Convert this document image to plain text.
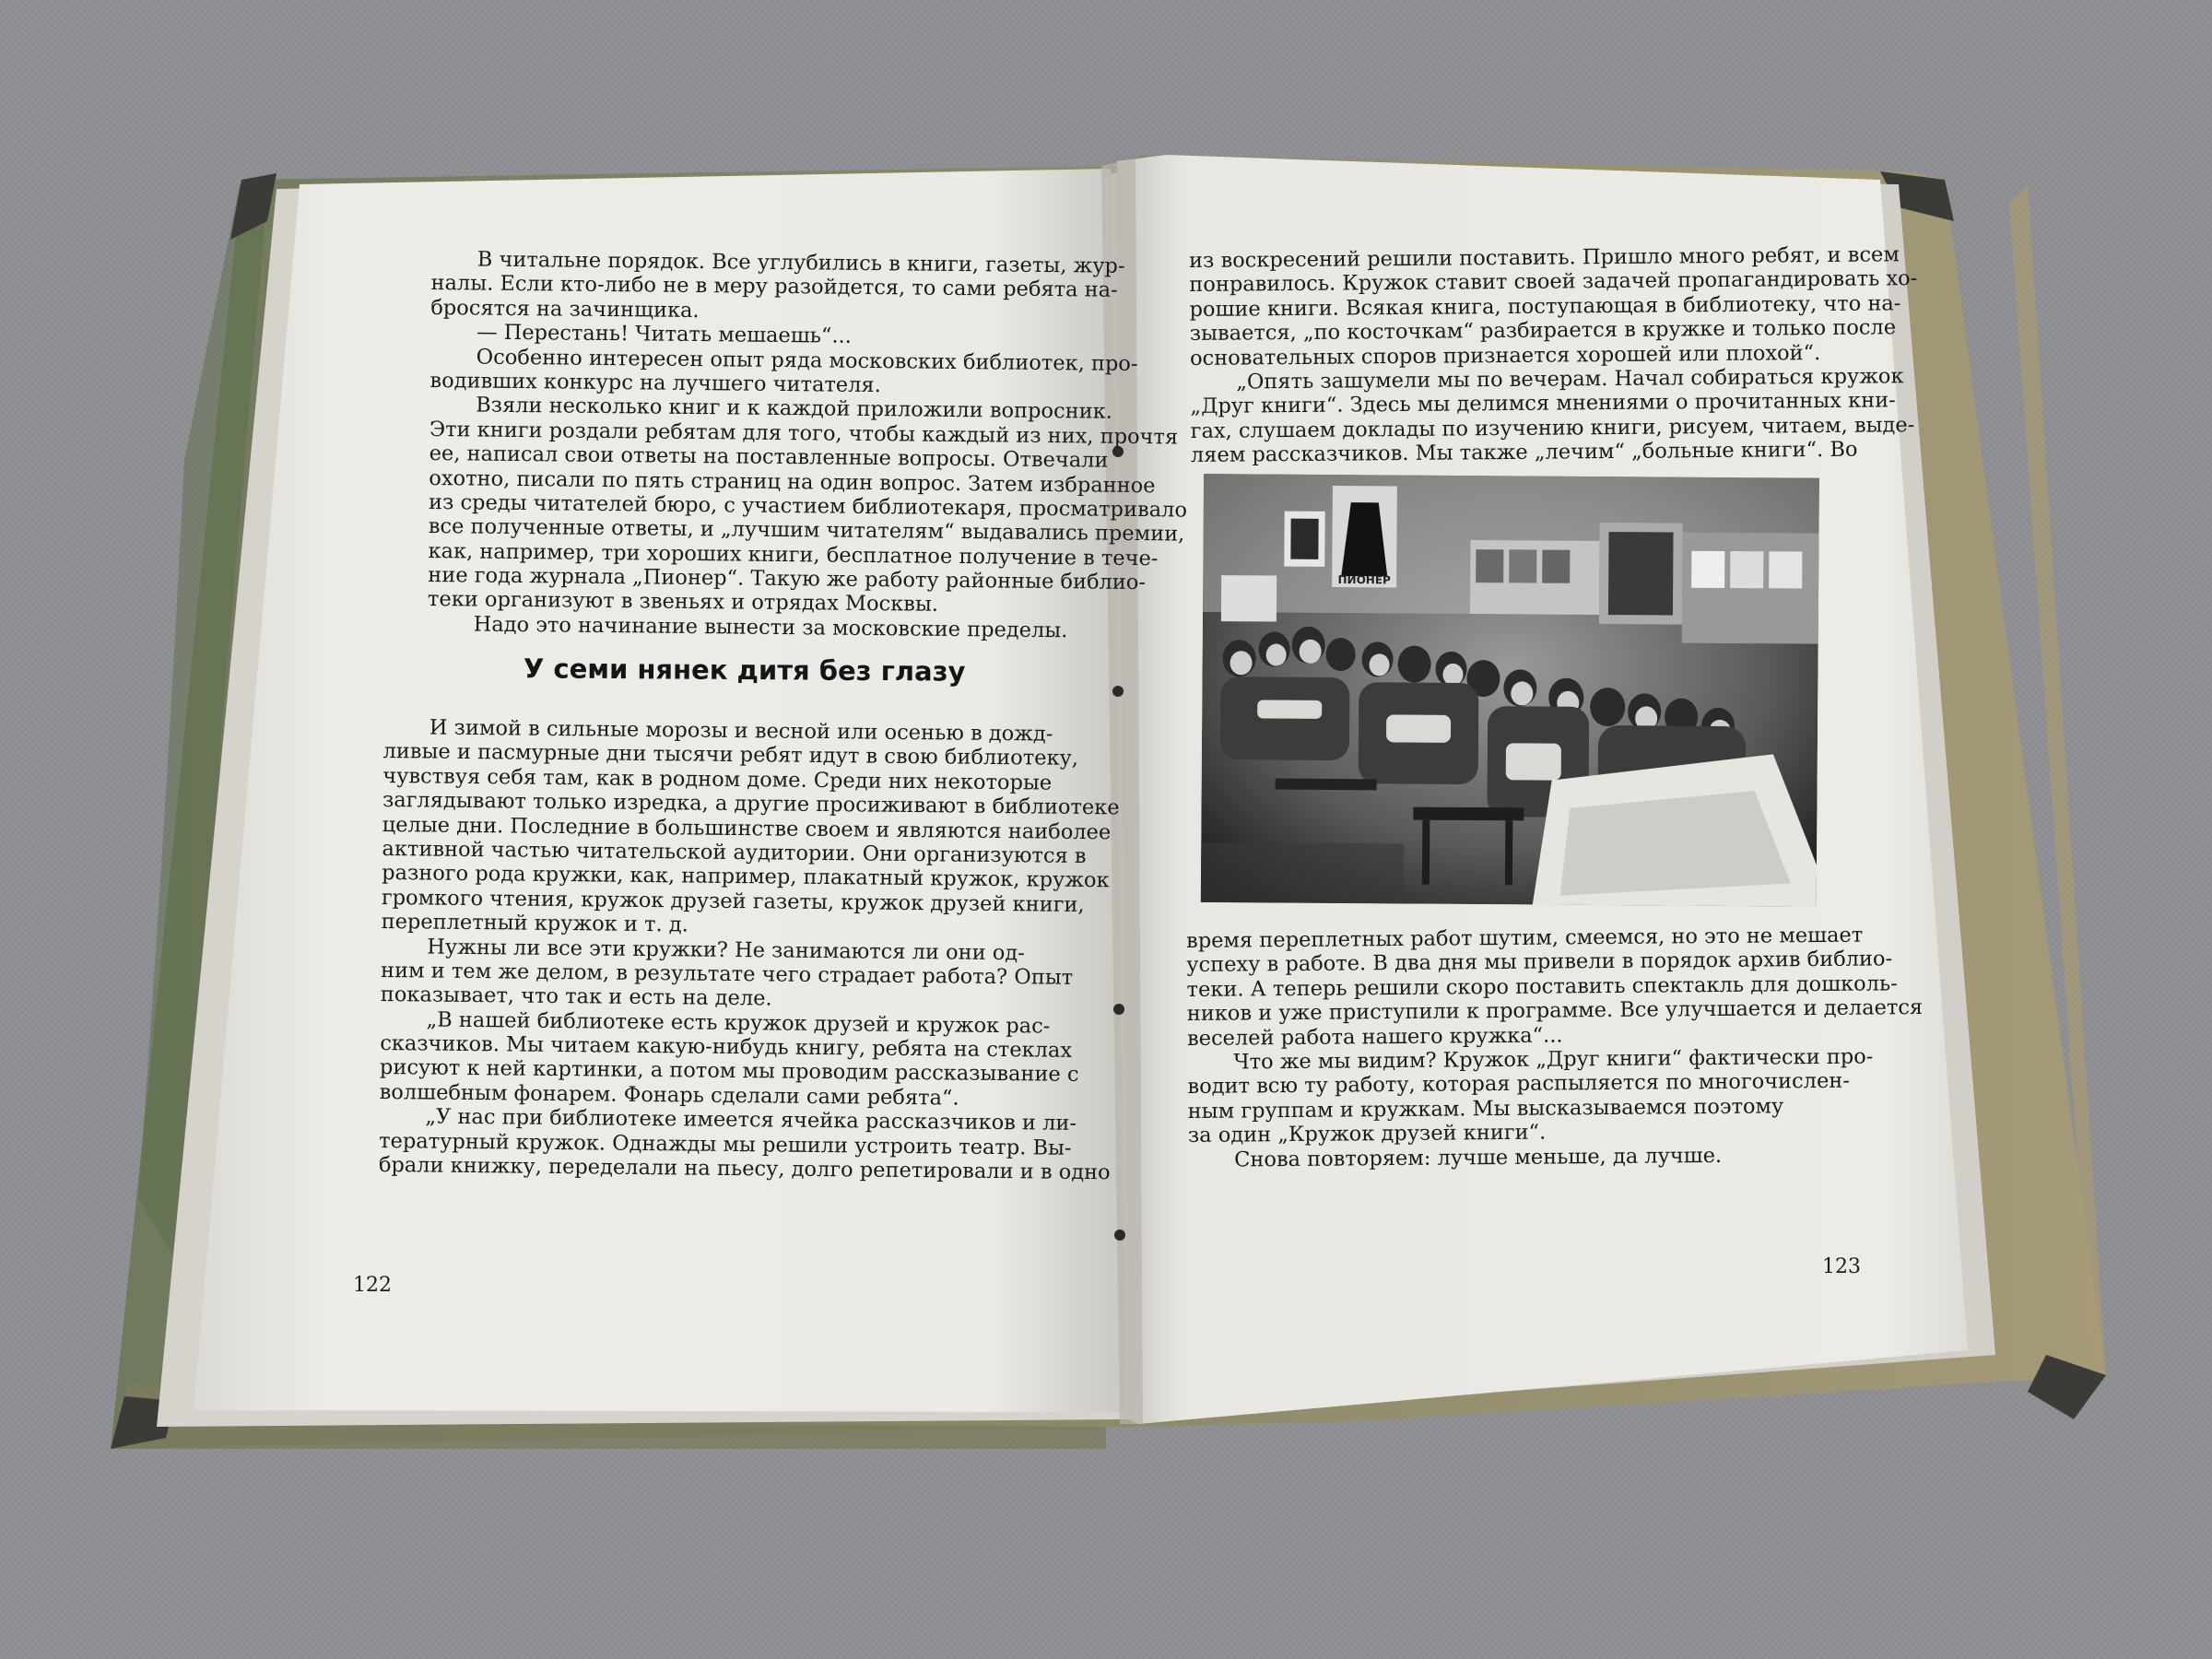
В читальне порядок. Все углубились в книги, газеты, жур-
налы. Если кто-либо не в меру разойдется, то сами ребята на-
бросятся на зачинщика.
— Перестань! Читать мешаешь“...
Особенно интересен опыт ряда московских библиотек, про-
водивших конкурс на лучшего читателя.
Взяли несколько книг и к каждой приложили вопросник.
Эти книги роздали ребятам для того, чтобы каждый из них, прочтя
ее, написал свои ответы на поставленные вопросы. Отвечали
охотно, писали по пять страниц на один вопрос. Затем избранное
из среды читателей бюро, с участием библиотекаря, просматривало
все полученные ответы, и „лучшим читателям“ выдавались премии,
как, например, три хороших книги, бесплатное получение в тече-
ние года журнала „Пионер“. Такую же работу районные библио-
теки организуют в звеньях и отрядах Москвы.
Надо это начинание вынести за московские пределы.
У семи нянек дитя без глазу
И зимой в сильные морозы и весной или осенью в дожд-
ливые и пасмурные дни тысячи ребят идут в свою библиотеку,
чувствуя себя там, как в родном доме. Среди них некоторые
заглядывают только изредка, а другие просиживают в библиотеке
целые дни. Последние в большинстве своем и являются наиболее
активной частью читательской аудитории. Они организуются в
разного рода кружки, как, например, плакатный кружок, кружок
громкого чтения, кружок друзей газеты, кружок друзей книги,
переплетный кружок и т. д.
Нужны ли все эти кружки? Не занимаются ли они од-
ним и тем же делом, в результате чего страдает работа? Опыт
показывает, что так и есть на деле.
„В нашей библиотеке есть кружок друзей и кружок рас-
сказчиков. Мы читаем какую-нибудь книгу, ребята на стеклах
рисуют к ней картинки, а потом мы проводим рассказывание с
волшебным фонарем. Фонарь сделали сами ребята“.
„У нас при библиотеке имеется ячейка рассказчиков и ли-
тературный кружок. Однажды мы решили устроить театр. Вы-
брали книжку, переделали на пьесу, долго репетировали и в одно
122
из воскресений решили поставить. Пришло много ребят, и всем
понравилось. Кружок ставит своей задачей пропагандировать хо-
рошие книги. Всякая книга, поступающая в библиотеку, что на-
зывается, „по косточкам“ разбирается в кружке и только после
основательных споров признается хорошей или плохой“.
„Опять зашумели мы по вечерам. Начал собираться кружок
„Друг книги“. Здесь мы делимся мнениями о прочитанных кни-
гах, слушаем доклады по изучению книги, рисуем, читаем, выде-
ляем рассказчиков. Мы также „лечим“ „больные книги“. Во
ПИОНЕР
время переплетных работ шутим, смеемся, но это не мешает
успеху в работе. В два дня мы привели в порядок архив библио-
теки. А теперь решили скоро поставить спектакль для дошколь-
ников и уже приступили к программе. Все улучшается и делается
веселей работа нашего кружка“...
Что же мы видим? Кружок „Друг книги“ фактически про-
водит всю ту работу, которая распыляется по многочислен-
ным группам и кружкам. Мы высказываемся поэтому
за один „Кружок друзей книги“.
Снова повторяем: лучше меньше, да лучше.
123
